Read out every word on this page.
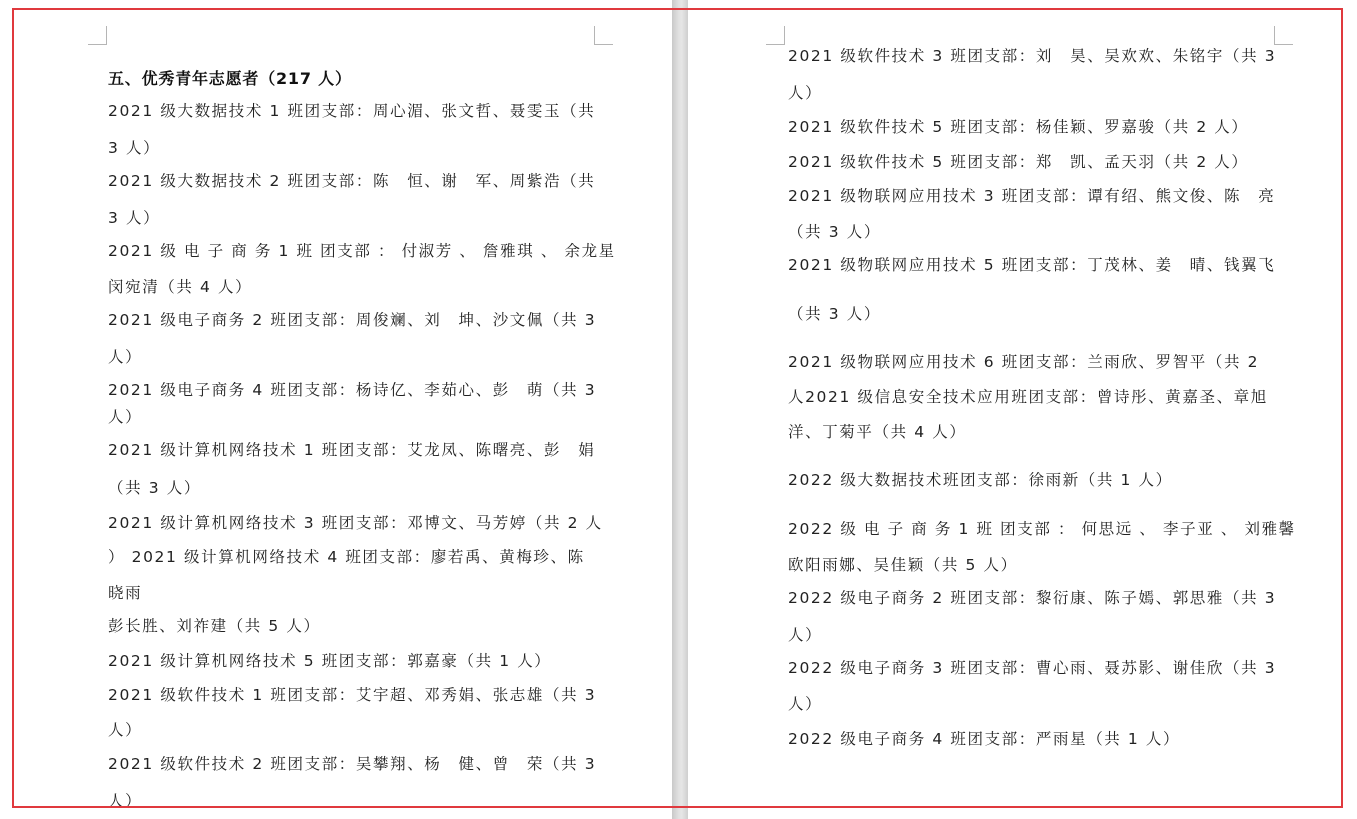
五、优秀青年志愿者（217 人）
2021 级大数据技术 1 班团支部：周心湄、张文哲、聂雯玉（共
3 人）
2021 级大数据技术 2 班团支部：陈　恒、谢　军、周紫浩（共
3 人）
2021 级 电 子 商 务 1 班 团支部 ： 付淑芳 、 詹雅琪 、 余龙星
闵宛清（共 4 人）
2021 级电子商务 2 班团支部：周俊斓、刘　坤、沙文佩（共 3
人）
2021 级电子商务 4 班团支部：杨诗亿、李茹心、彭　萌（共 3
人）
2021 级计算机网络技术 1 班团支部：艾龙凤、陈曙亮、彭　娟
（共 3 人）
2021 级计算机网络技术 3 班团支部：邓博文、马芳婷（共 2 人
） 2021 级计算机网络技术 4 班团支部：廖若禹、黄梅珍、陈
晓雨
彭长胜、刘祚建（共 5 人）
2021 级计算机网络技术 5 班团支部：郭嘉豪（共 1 人）
2021 级软件技术 1 班团支部：艾宇超、邓秀娟、张志雄（共 3
人）
2021 级软件技术 2 班团支部：吴攀翔、杨　健、曾　荣（共 3
人）
2021 级软件技术 3 班团支部：刘　昊、吴欢欢、朱铭宇（共 3
人）
2021 级软件技术 5 班团支部：杨佳颖、罗嘉骏（共 2 人）
2021 级软件技术 5 班团支部：郑　凯、孟天羽（共 2 人）
2021 级物联网应用技术 3 班团支部：谭有绍、熊文俊、陈　亮
（共 3 人）
2021 级物联网应用技术 5 班团支部：丁茂林、姜　晴、钱翼飞
（共 3 人）
2021 级物联网应用技术 6 班团支部：兰雨欣、罗智平（共 2
人2021 级信息安全技术应用班团支部：曾诗彤、黄嘉圣、章旭
洋、丁菊平（共 4 人）
2022 级大数据技术班团支部：徐雨新（共 1 人）
2022 级 电 子 商 务 1 班 团支部 ： 何思远 、 李子亚 、 刘雅馨
欧阳雨娜、吴佳颖（共 5 人）
2022 级电子商务 2 班团支部：黎衍康、陈子嫣、郭思雅（共 3
人）
2022 级电子商务 3 班团支部：曹心雨、聂苏影、谢佳欣（共 3
人）
2022 级电子商务 4 班团支部：严雨星（共 1 人）
